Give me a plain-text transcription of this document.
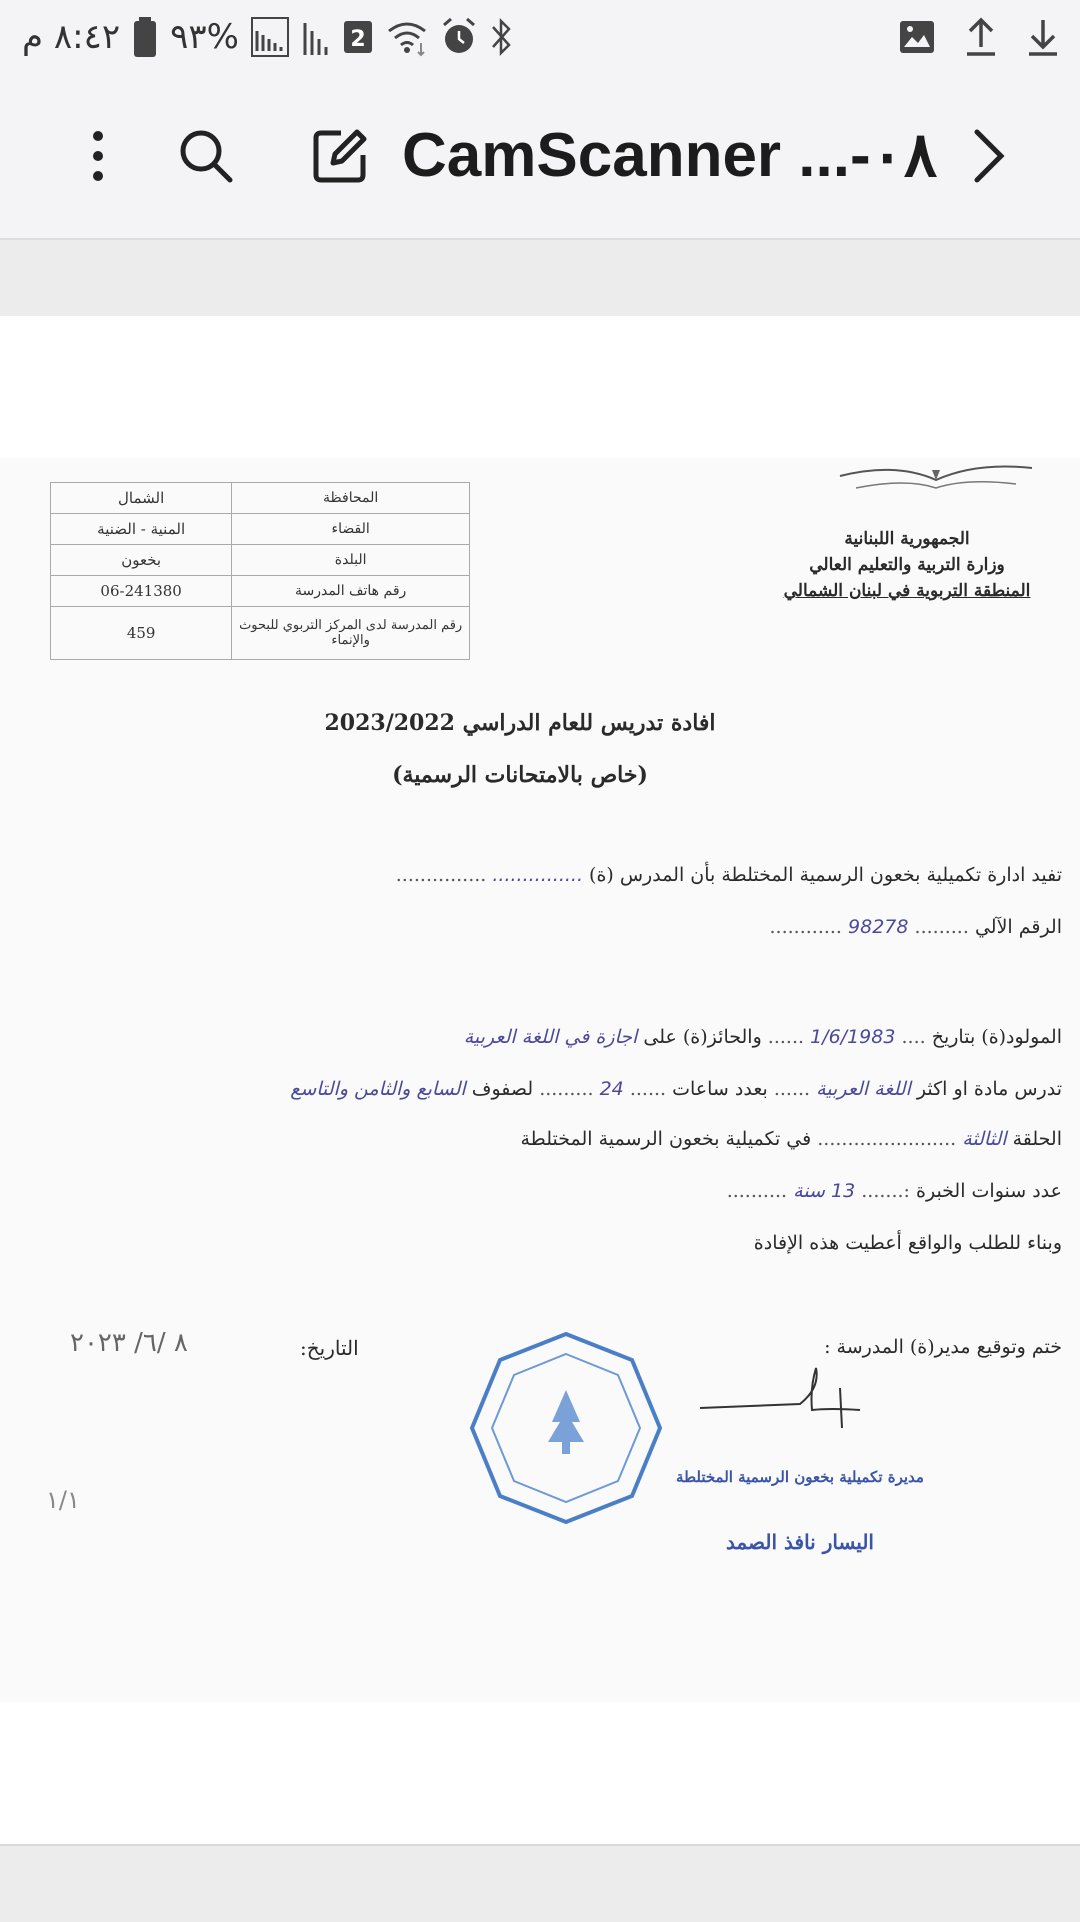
٨:٤٢ م %٩٣	2
CamScanner ...-٠٨
الجمهورية اللبنانية
وزارة التربية والتعليم العالي
المنطقة التربوية في لبنان الشمالي
المحافظة	الشمال
القضاء	المنية - الضنية
البلدة	بخعون
رقم هاتف المدرسة	06-241380
رقم المدرسة لدى المركز التربوي للبحوث والإنماء	459
افادة تدريس للعام الدراسي 2023/2022
(خاص بالامتحانات الرسمية)
تفيد ادارة تكميلية بخعون الرسمية المختلطة بأن المدرس (ة) ............... ...............
الرقم الآلي ......... 98278 ............
المولود(ة) بتاريخ .... 1/6/1983 ...... والحائز(ة) على اجازة في اللغة العربية
تدرس مادة او اكثر اللغة العربية ...... بعدد ساعات ...... 24 ......... لصفوف السابع والثامن والتاسع
الحلقة الثالثة ....................... في تكميلية بخعون الرسمية المختلطة
عدد سنوات الخبرة :....... 13 سنة ..........
وبناء للطلب والواقع أعطيت هذه الإفادة
ختم وتوقيع مدير(ة) المدرسة :
التاريخ:
٨ /٦/ ٢٠٢٣
مديرة تكميلية بخعون الرسمية المختلطة
اليسار نافذ الصمد
١/١
